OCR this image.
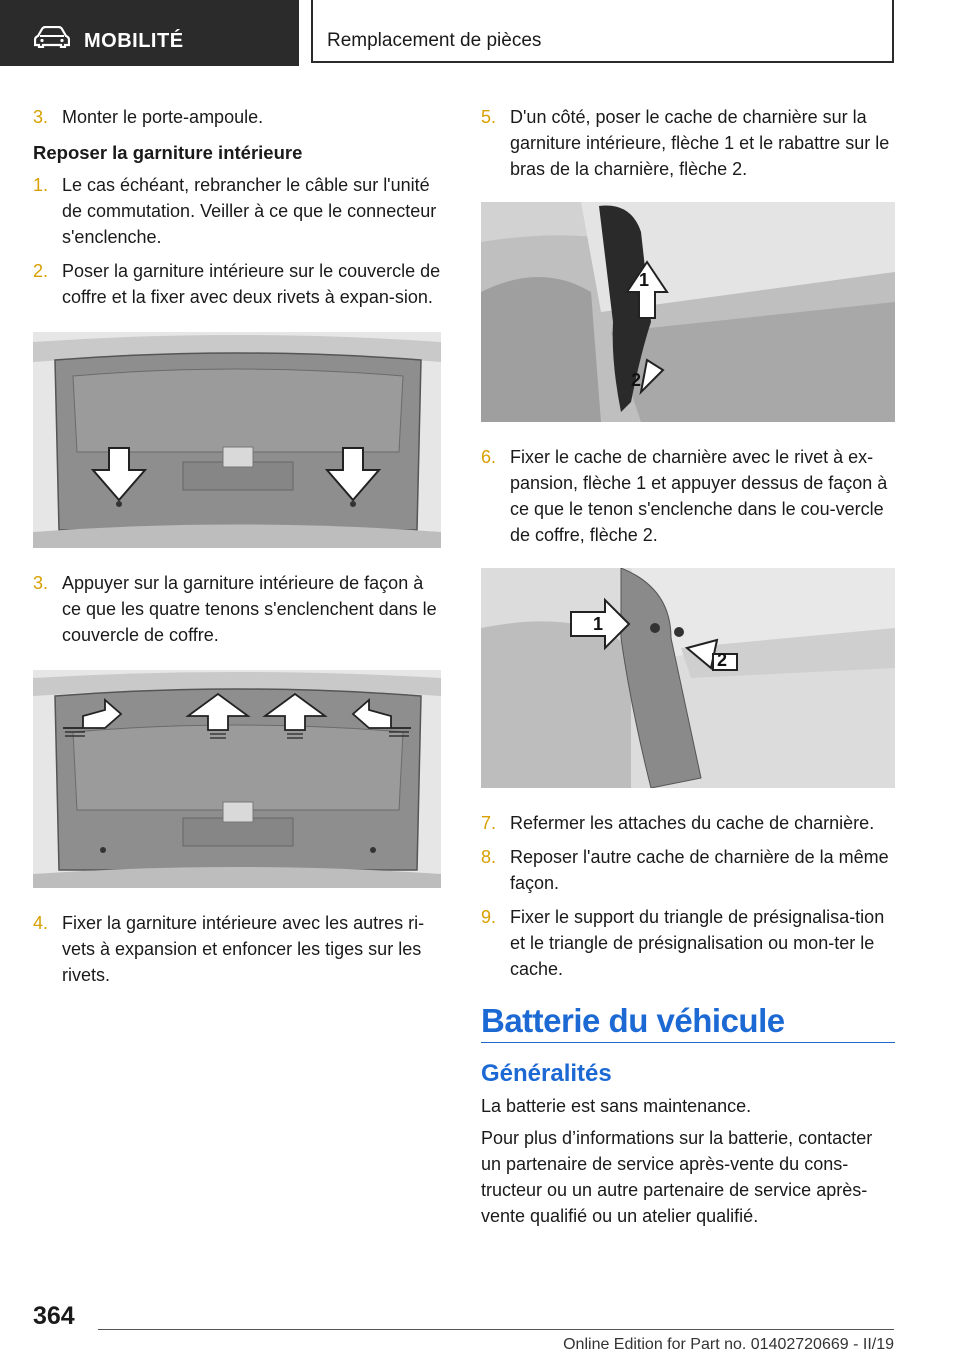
MOBILITÉ	Remplacement de pièces
3. Monter le porte-ampoule.
Reposer la garniture intérieure
1. Le cas échéant, rebrancher le câble sur l'unité de commutation. Veiller à ce que le connecteur s'enclenche.
2. Poser la garniture intérieure sur le couvercle de coffre et la fixer avec deux rivets à expan-sion.
3. Appuyer sur la garniture intérieure de façon à ce que les quatre tenons s'enclenchent dans le couvercle de coffre.
4. Fixer la garniture intérieure avec les autres ri-vets à expansion et enfoncer les tiges sur les rivets.
5. D'un côté, poser le cache de charnière sur la garniture intérieure, flèche 1 et le rabattre sur le bras de la charnière, flèche 2.
1
2
6. Fixer le cache de charnière avec le rivet à ex-pansion, flèche 1 et appuyer dessus de façon à ce que le tenon s'enclenche dans le cou-vercle de coffre, flèche 2.
1
2
7. Refermer les attaches du cache de charnière.
8. Reposer l'autre cache de charnière de la même façon.
9. Fixer le support du triangle de présignalisa-tion et le triangle de présignalisation ou mon-ter le cache.
Batterie du véhicule
Généralités

La batterie est sans maintenance.

Pour plus d’informations sur la batterie, contacter un partenaire de service après-vente du cons-tructeur ou un autre partenaire de service après-vente qualifié ou un atelier qualifié.

364
Online Edition for Part no. 01402720669 - II/19
